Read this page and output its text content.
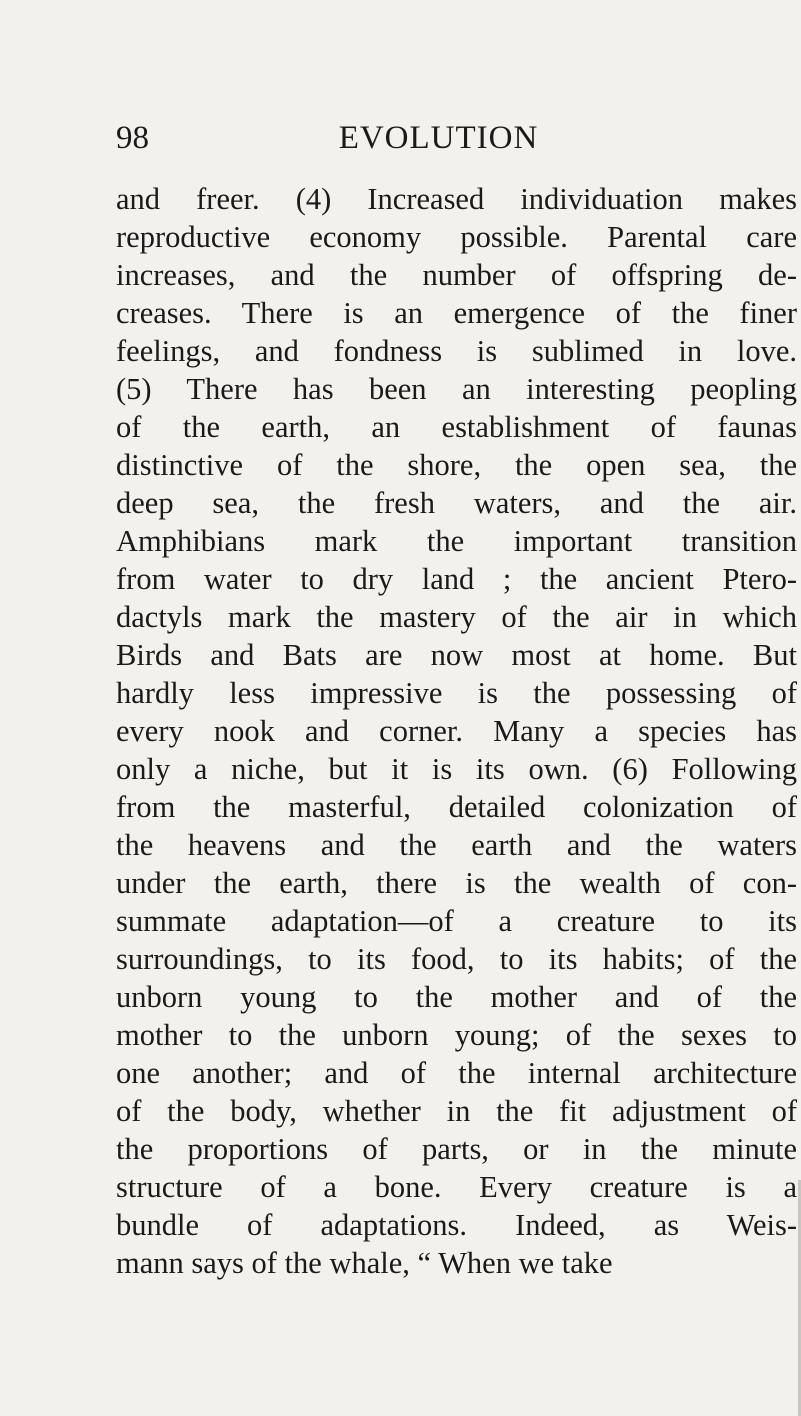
98	EVOLUTION
and freer. (4) Increased individuation makes
reproductive economy possible. Parental care
increases, and the number of offspring de-
creases. There is an emergence of the finer
feelings, and fondness is sublimed in love.
(5) There has been an interesting peopling
of the earth, an establishment of faunas
distinctive of the shore, the open sea, the
deep sea, the fresh waters, and the air.
Amphibians mark the important transition
from water to dry land ; the ancient Ptero-
dactyls mark the mastery of the air in which
Birds and Bats are now most at home. But
hardly less impressive is the possessing of
every nook and corner. Many a species has
only a niche, but it is its own. (6) Following
from the masterful, detailed colonization of
the heavens and the earth and the waters
under the earth, there is the wealth of con-
summate adaptation—of a creature to its
surroundings, to its food, to its habits; of the
unborn young to the mother and of the
mother to the unborn young; of the sexes to
one another; and of the internal architecture
of the body, whether in the fit adjustment of
the proportions of parts, or in the minute
structure of a bone. Every creature is a
bundle of adaptations. Indeed, as Weis-
mann says of the whale, “ When we take
